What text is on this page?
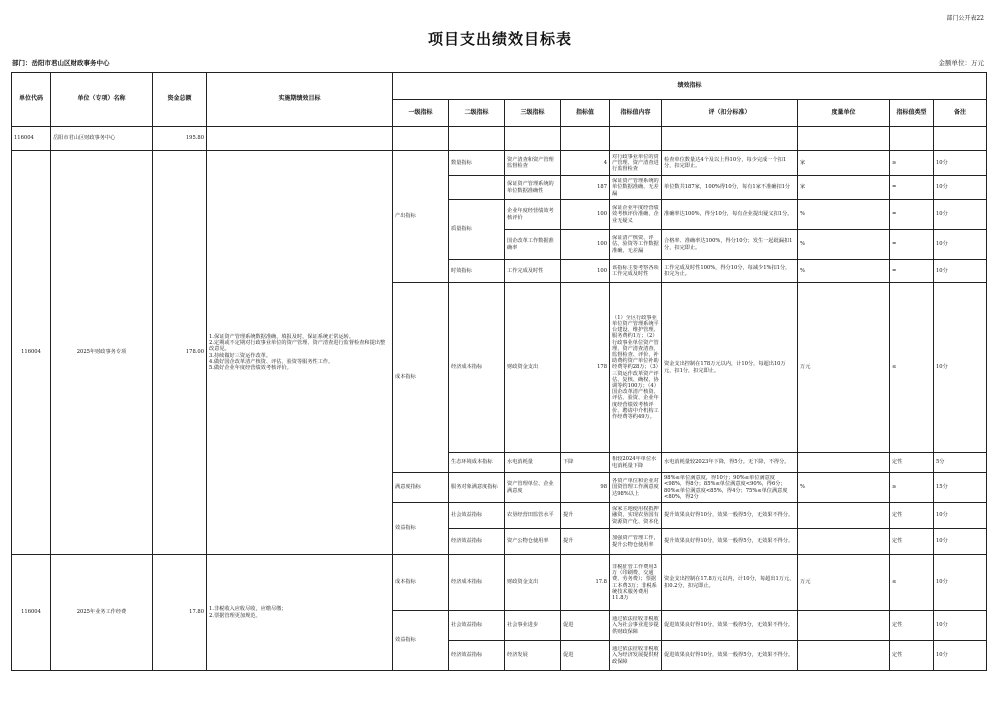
部门公开表22
项目支出绩效目标表
部门：岳阳市君山区财政事务中心	金额单位：万元
单位代码	单位（专项）名称	资金总额	实施期绩效目标	绩效指标								
				一级指标	二级指标	三级指标	指标值	指标值内容	评（扣分标准）	度量单位	指标值类型	备注
116004	岳阳市君山区财政事务中心	195.80										
116004	2025年财政事务专项	178.00	1.保证资产管理系统数据准确，填报及时，保证系统正常运转。
2.定期或不定期对行政事业单位的资产管理、资产清查进行监督检查和提出整改意见。
3.持续做好三资运作改革。
4.做好国企改革清产核资、评估、验资等服务性工作。
5.做好企业年度经营绩效考核评价。	产出指标	数量指标	资产清查和资产管理监督检查	4	对行政事业单位的资产管理、资产清查进行监督检查	检查单位数量达4个及以上得10分，每少完成一个扣1分，扣完即止。	家	≥	10分
						保证资产管理系统的单位数据准确性	187	保证资产管理系统的单位数据准确、无差漏	单位数共187家，100%得10分，每有1家不准确扣1分	家	=	10分
					质量指标	企业年度经营绩效考核评价	100	保证企业年度经营绩效考核评价准确，企业无疑义	准确率达100%，得分10分，每有企业提出疑义扣1分。	%	=	10分
						国企改革工作数据准确率	100	保证清产核资、评估、验资等工作数据准确，无差漏	合格率、准确率达100%，得分10分；发生一起纰漏扣1分，扣完即止。	%	=	10分
					时效指标	工作完成及时性	100	该指标主要考察各项工作完成及时性	工作完成及时性100%，得分10分，每减少1%扣1分，扣完为止。	%	=	10分
				成本指标	经济成本指标	财政资金支出	178	（1）全区行政事业单位资产管理系统平台建设、维护管理、服务费约1万；（2）行政事业单位资产管理、资产清查清查、监督检查、评价、补助费约资产单位补助经费等约28万；（3）三资运作改革资产评估、复核、确权、协调等约100万；（4）国企改革清产核资、评估、验资、企业年度经营绩效考核评价、聘请中介机构工作经费等约49万。	资金支出控制在178万元以内，计10分，每超出10万元，扣1分，扣完即止。	万元	≤	10分
					生态环境成本指标	水电消耗量	下降	相较2024年单位水电消耗量下降	水电消耗量较2023年下降，得5分。无下降，不得分。		定性	5分
				满意度指标	服务对象满意度指标	资产管理单位、企业满意度	98	各资产单位和企业对国资管理工作满意度达98%以上	98%≤单位满意度，得10分；90%≤单位满意度<98%，得8分；85%≤单位满意度<90%，得6分；80%≤单位满意度<85%，得4分；75%≤单位满意度<80%，得2分	%	≥	15分
				效益指标	社会效益指标	农垦经营田监管水平	提升	保家主地使用权抵押融资，实现农垦国有资源资产化、资本化	提升效果良好得10分，效果一般得5分，无效果不得分。		定性	10分
					经济效益指标	资产公物仓使用率	提升	加强资产管理工作，提升公物仓使用率	提升效果良好得10分，效果一般得5分，无效果不得分。		定性	10分
116004	2025年业务工作经费	17.80	1.非税收入应收尽收，应缴尽缴；
2.票据管理更加规范。	成本指标	经济成本指标	财政资金支出	17.8	非税征管工作费用3万（印刷费、交通费、劳务费）；票据工本费3万；非税系统技术服务费用11.8万	资金支出控制在17.8万元以内，计10分，每超出1万元，扣0.2分，扣完即止。	万元	≤	10分
				效益指标	社会效益指标	社会事业进步	促进	通过依法征收非税收入为社会事业进步提供财政保障	促进效果良好得10分，效果一般得5分，无效果不得分。		定性	10分
					经济效益指标	经济发展	促进	通过依法征收非税收入为经济发展提供财政保障	促进效果良好得10分，效果一般得5分，无效果不得分。		定性	10分
